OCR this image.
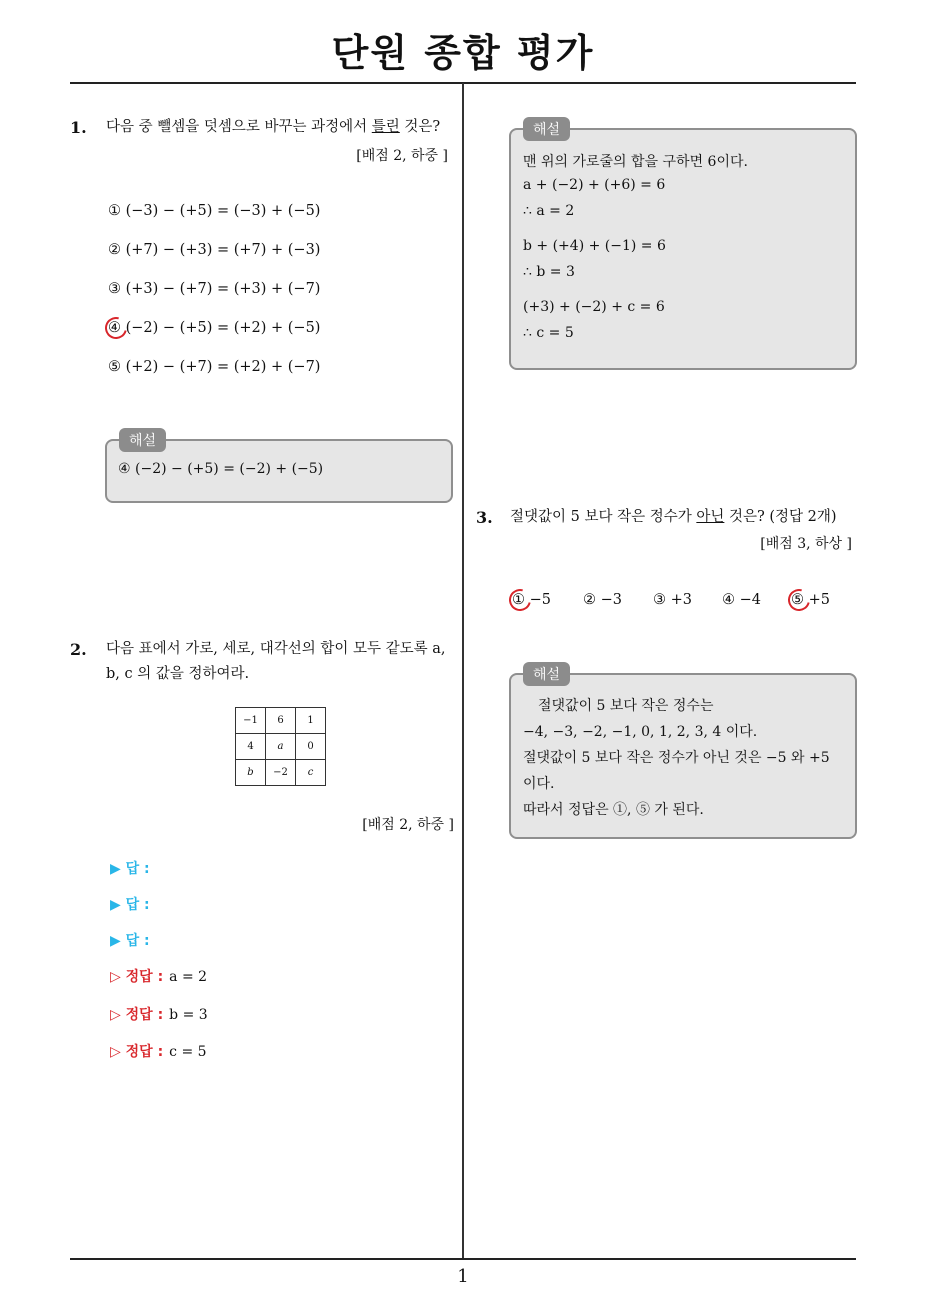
단원 종합 평가
1. 다음 중 뺄셈을 덧셈으로 바꾸는 과정에서 틀린 것은?
[배점 2, 하중 ]
① (−3) − (+5) = (−3) + (−5)
② (+7) − (+3) = (+7) + (−3)
③ (+3) − (+7) = (+3) + (−7)
④ (−2) − (+5) = (+2) + (−5)
⑤ (+2) − (+7) = (+2) + (−7)
해설
④ (−2) − (+5) = (−2) + (−5)
2. 다음 표에서 가로, 세로, 대각선의 합이 모두 같도록 a,
b, c 의 값을 정하여라.
−1	6	1
4	a	0
b	−2	c
[배점 2, 하중 ]
▶ 답 :
▶ 답 :
▶ 답 :
▷ 정답 : a = 2
▷ 정답 : b = 3
▷ 정답 : c = 5
해설
맨 위의 가로줄의 합을 구하면 6이다.
a + (−2) + (+6) = 6
∴ a = 2
b + (+4) + (−1) = 6
∴ b = 3
(+3) + (−2) + c = 6
∴ c = 5
3. 절댓값이 5 보다 작은 정수가 아닌 것은? (정답 2개)
[배점 3, 하상 ]
① −5 ② −3 ③ +3 ④ −4 ⑤ +5
해설
절댓값이 5 보다 작은 정수는
−4, −3, −2, −1, 0, 1, 2, 3, 4 이다.
절댓값이 5 보다 작은 정수가 아닌 것은 −5 와 +5
이다.
따라서 정답은 ①, ⑤ 가 된다.
1
